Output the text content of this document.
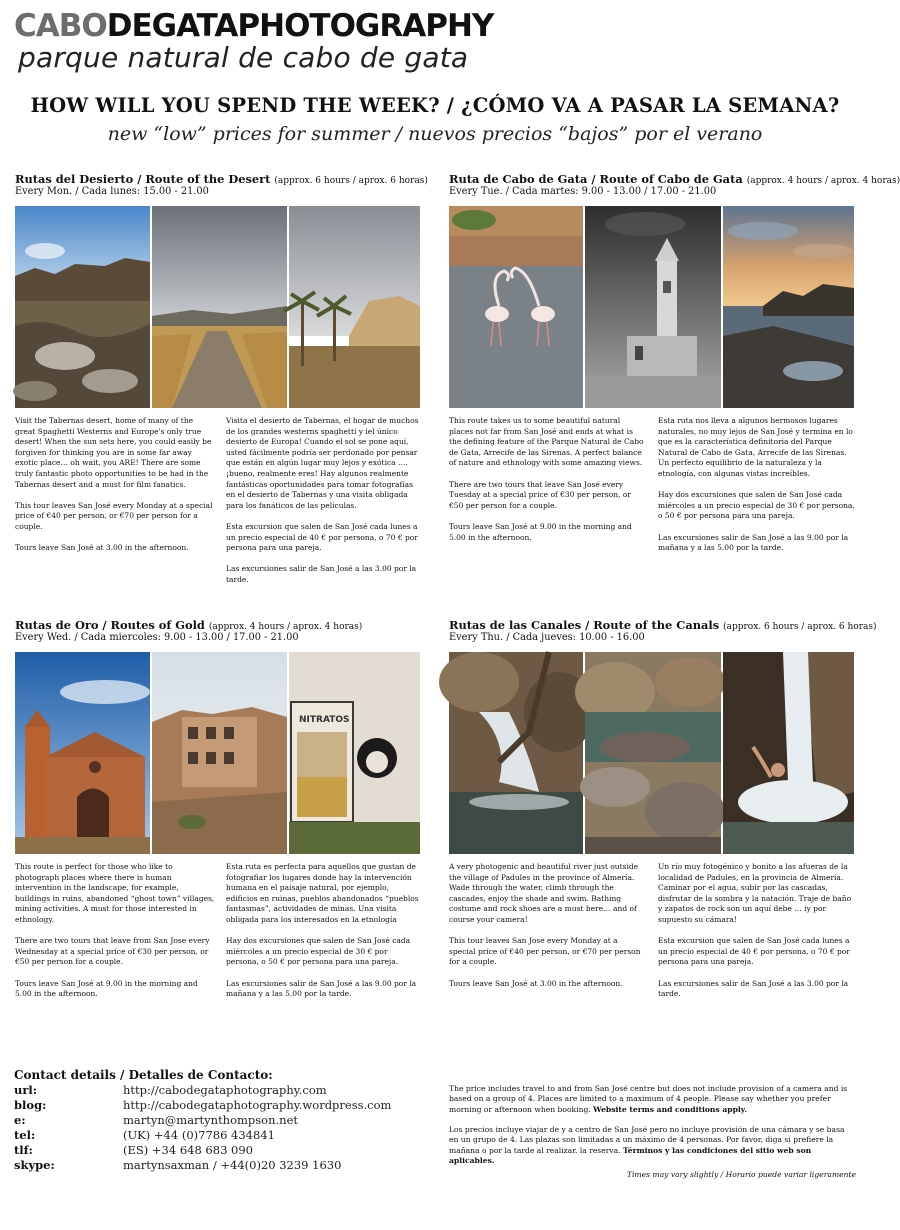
CABODEGATAPHOTOGRAPHY
parque natural de cabo de gata
HOW WILL YOU SPEND THE WEEK? / ¿CÓMO VA A PASAR LA SEMANA?
new “low” prices for summer / nuevos precios “bajos” por el verano
Rutas del Desierto / Route of the Desert (approx. 6 hours / aprox. 6 horas)
Every Mon. / Cada lunes: 15.00 - 21.00

Visit the Tabernas desert, home of many of the great Spaghetti Westerns and Europe's only true desert! When the sun sets here, you could easily be forgiven for thinking you are in some far away exotic place… oh wait, you ARE! There are some truly fantastic photo opportunities to be had in the Tabernas desert and a must for film fanatics.

This tour leaves San José every Monday at a special price of €40 per person, or €70 per person for a couple.

Tours leave San José at 3.00 in the afternoon.

Visita el desierto de Tabernas, el hogar de muchos de los grandes westerns spaghetti y iel único desierto de Europa! Cuando el sol se pone aquí, usted fácilmente podría ser perdonado por pensar que están en algún lugar muy lejos y exótica …. ¡bueno, realmente eres! Hay algunos realmente fantásticas oportunidades para tomar fotografías en el desierto de Tabernas y una visita obligada para los fanáticos de las películas.

Esta excursion que salen de San José cada lunes a un precio especial de 40 € por persona, o 70 € por persona para una pareja.

Las excursiones salir de San José a las 3.00 por la tarde.

Ruta de Cabo de Gata / Route of Cabo de Gata (approx. 4 hours / aprox. 4 horas)
Every Tue. / Cada martes: 9.00 - 13.00 / 17.00 - 21.00

This route takes us to some beautiful natural places not far from San José and ends at what is the defining feature of the Parque Natural de Cabo de Gata, Arrecife de las Sirenas. A perfect balance of nature and ethnology with some amazing views.

There are two tours that leave San José every Tuesday at a special price of €30 per person, or €50 per person for a couple.

Tours leave San José at 9.00 in the morning and 5.00 in the afternoon.

Esta ruta nos lleva a algunos hermosos lugares naturales, no muy lejos de San José y termina en lo que es la característica definitoria del Parque Natural de Cabo de Gata, Arrecife de las Sirenas. Un perfecto equilibrio de la naturaleza y la etnología, con algunas vistas increíbles.

Hay dos excursiones que salen de San José cada miércoles a un precio especial de 30 € por persona, o 50 € por persona para una pareja.

Las excursiones salir de San José a las 9.00 por la mañana y a las 5.00 por la tarde.

Rutas de Oro / Routes of Gold (approx. 4 hours / aprox. 4 horas)
Every Wed. / Cada miercoles: 9.00 - 13.00 / 17.00 - 21.00
NITRATOS

This route is perfect for those who like to photograph places where there is human intervention in the landscape, for example, buildings in ruins, abandoned “ghost town” villages, mining activities. A must for those interested in ethnology.

There are two tours that leave from San Jose every Wednesday at a special price of €30 per person, or €50 per person for a couple.

Tours leave San José at 9.00 in the morning and 5.00 in the afternoon.

Esta ruta es perfecta para aquellos que gustan de fotografiar los lugares donde hay la intervención humana en el paisaje natural, por ejemplo, edificios en ruinas, pueblos abandonados “pueblos fantasmas”, actividades de minas. Una visita obligada para los interesados en la etnología

Hay dos excursiones que salen de San José cada miércoles a un precio especial de 30 € por persona, o 50 € por persona para una pareja.

Las excursiones salir de San José a las 9.00 por la mañana y a las 5.00 por la tarde.

Rutas de las Canales / Route of the Canals (approx. 6 hours / aprox. 6 horas)
Every Thu. / Cada jueves: 10.00 - 16.00

A very photogenic and beautiful river just outside the village of Padules in the province of Almería. Wade through the water, climb through the cascades, enjoy the shade and swim. Bathing costume and rock shoes are a must here… and of course your camera!

This tour leaves San Jose every Monday at a special price of €40 per person, or €70 per person for a couple.

Tours leave San José at 3.00 in the afternoon.

Un río muy fotogénico y bonito a las afueras de la localidad de Padules, en la provincia de Almería. Caminar por el agua, subir por las cascadas, disfrutar de la sombra y la natación. Traje de baño y zapatos de rock son un aquí debe … iy por supuesto su cámara!

Esta excursion que salen de San José cada lunes a un precio especial de 40 € por persona, o 70 € por persona para una pareja.

Las excursiones salir de San José a las 3.00 por la tarde.

Contact details / Detalles de Contacto:
url:	http://cabodegataphotography.com
blog:	http://cabodegataphotography.wordpress.com
e:	martyn@martynthompson.net
tel:	(UK) +44 (0)7786 434841
tlf:	(ES) +34 648 683 090
skype:	martynsaxman / +44(0)20 3239 1630
The price includes travel to and from San José centre but does not include provision of a camera and is based on a group of 4. Places are limited to a maximum of 4 people. Please say whether you prefer morning or afternoon when booking. Website terms and conditions apply.
Los precios incluye viajar de y a centro de San José pero no incluye provisión de una cámara y se basa en un grupo de 4. Las plazas son limitadas a un máximo de 4 personas. Por favor, diga si prefiere la mañana o por la tarde al realizar. la reserva. Términos y las condiciones del sitio web son aplicables.
Times may vary slightly / Horario puede variar ligeramente
